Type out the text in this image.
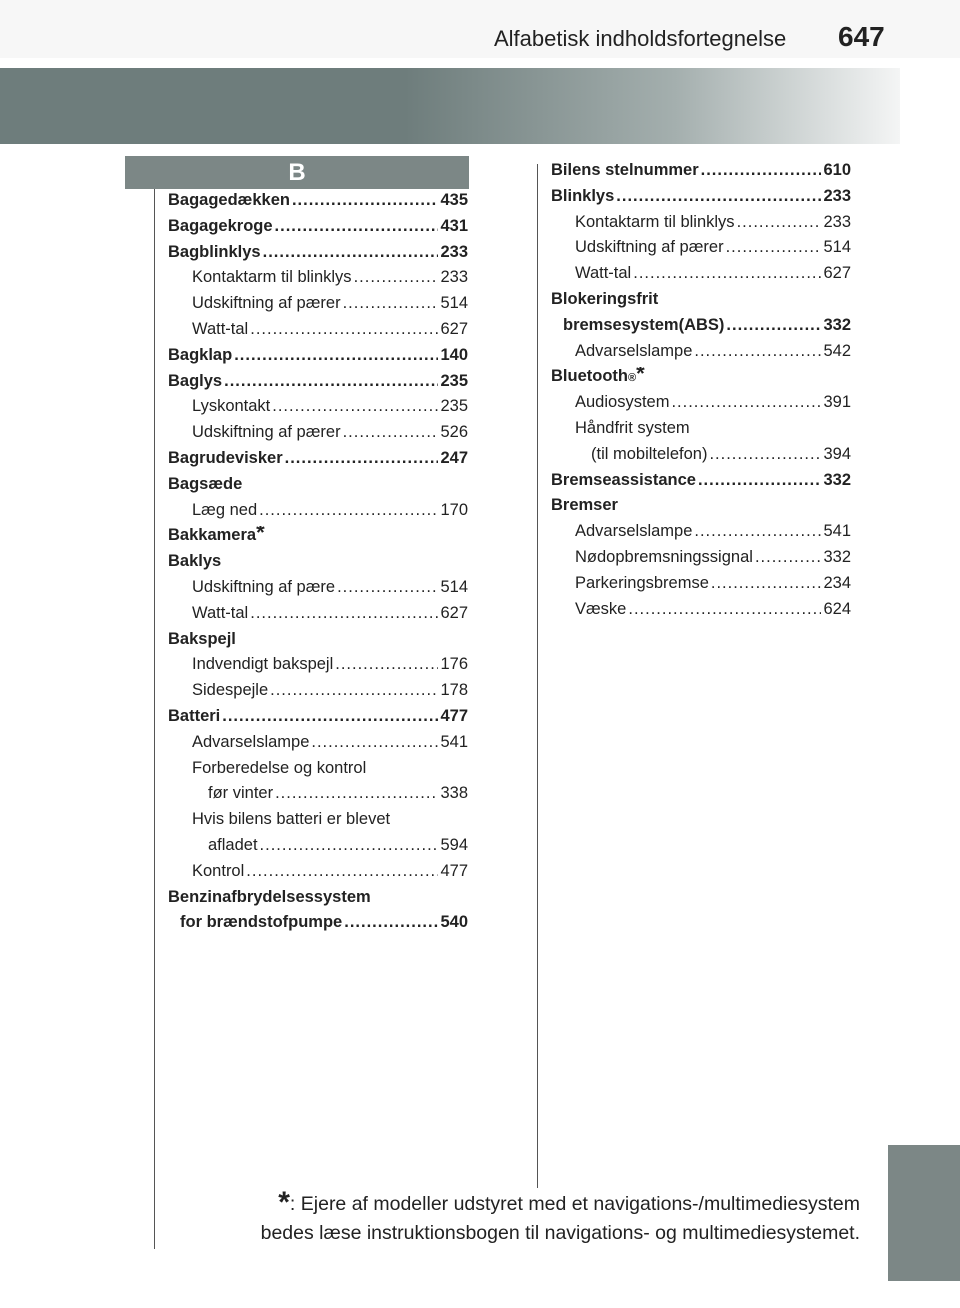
Alfabetisk indholdsfortegnelse 647
B
Bagagedækken .....	435
Bagagekroge .....	431
Bagblinklys .....	233
Kontaktarm til blinklys .....	233
Udskiftning af pærer .....	514
Watt-tal .....	627
Bagklap .....	140
Baglys .....	235
Lyskontakt .....	235
Udskiftning af pærer .....	526
Bagrudevisker .....	247
Bagsæde
Læg ned .....	170
Bakkamera *
Baklys
Udskiftning af pære .....	514
Watt-tal .....	627
Bakspejl
Indvendigt bakspejl .....	176
Sidespejle .....	178
Batteri .....	477
Advarselslampe .....	541
Forberedelse og kontrol
før vinter .....	338
Hvis bilens batteri er blevet
afladet .....	594
Kontrol .....	477
Benzinafbrydelsessystem
for brændstofpumpe .....	540
Bilens stelnummer .....	610
Blinklys .....	233
Kontaktarm til blinklys .....	233
Udskiftning af pærer .....	514
Watt-tal .....	627
Blokeringsfrit
bremsesystem(ABS) .....	332
Advarselslampe .....	542
Bluetooth ® *
Audiosystem .....	391
Håndfrit system
(til mobiltelefon) .....	394
Bremseassistance .....	332
Bremser
Advarselslampe .....	541
Nødopbremsningssignal .....	332
Parkeringsbremse .....	234
Væske .....	624
*: Ejere af modeller udstyret med et navigations-/multimediesystem
bedes læse instruktionsbogen til navigations- og multimediesystemet.
